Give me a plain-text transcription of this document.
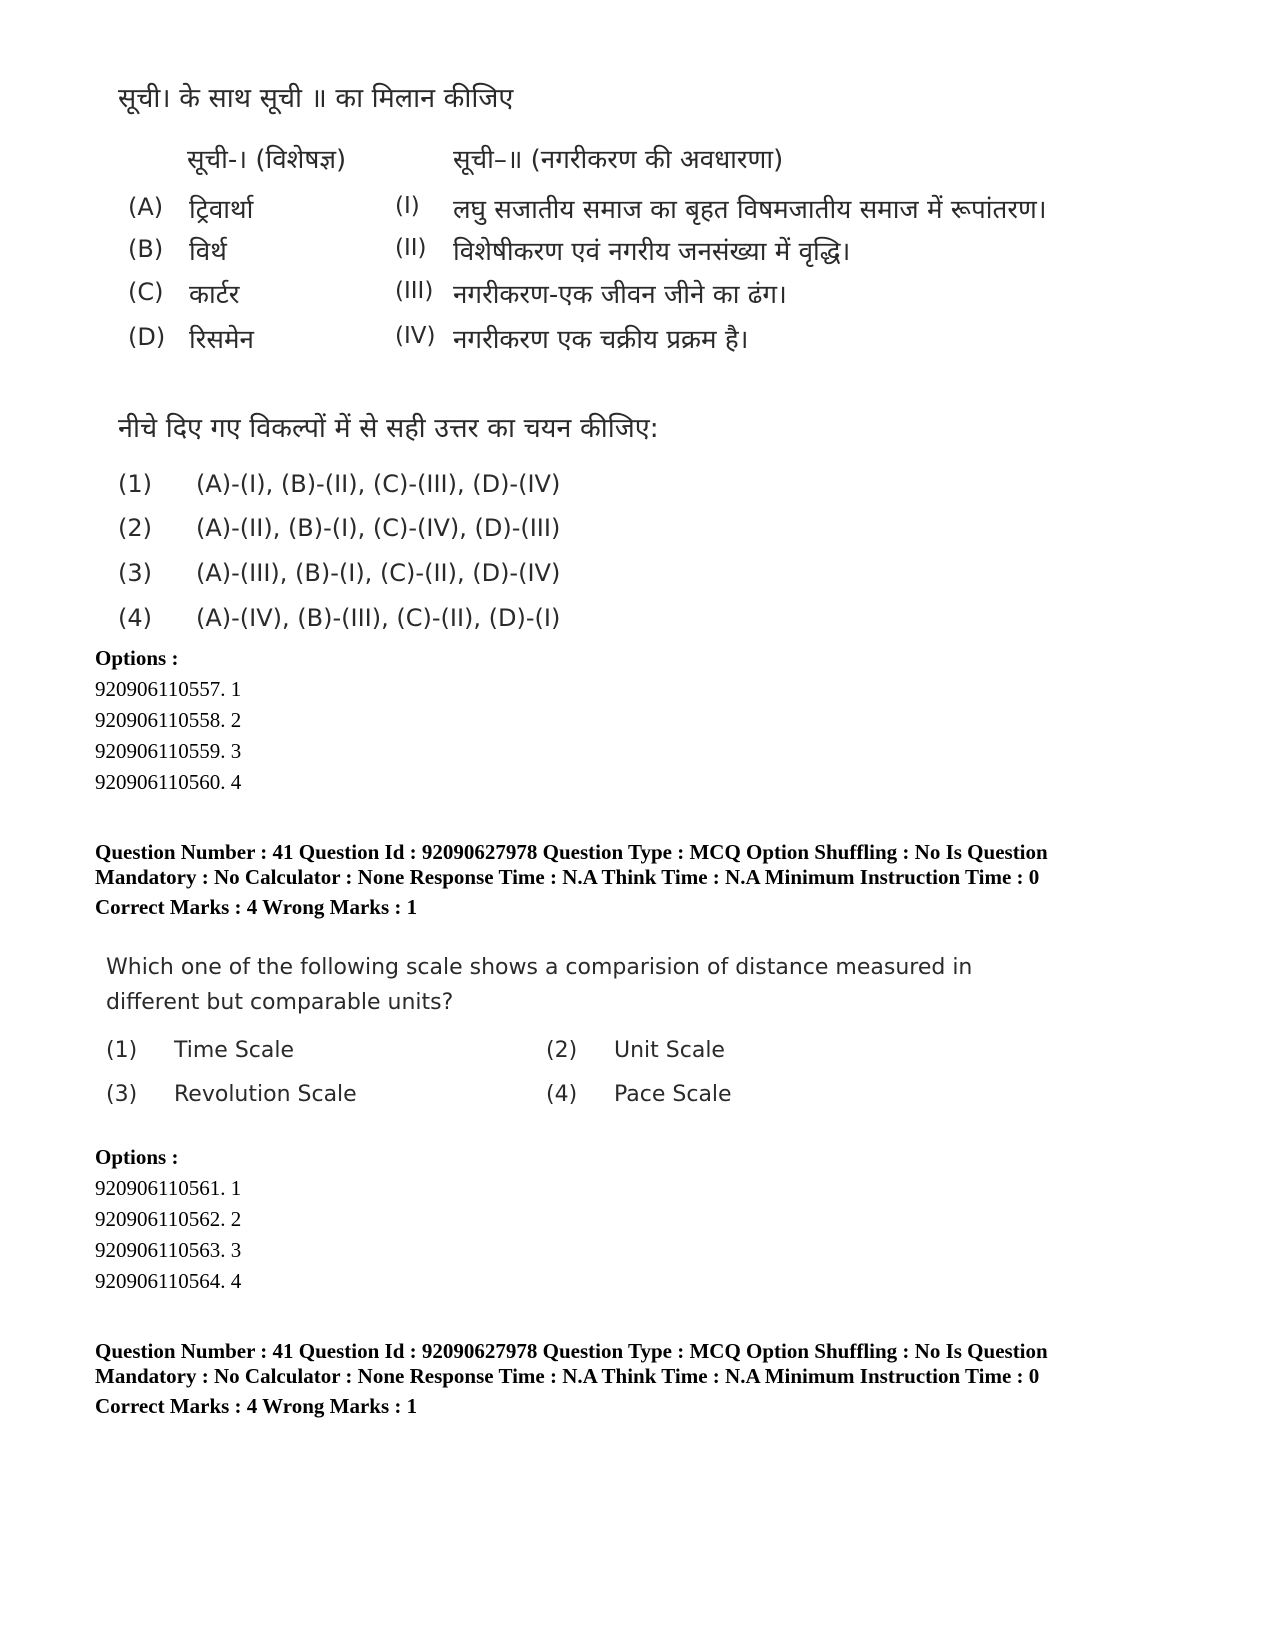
सूची। के साथ सूची ॥ का मिलान कीजिए
सूची-। (विशेषज्ञ)	सूची–॥ (नगरीकरण की अवधारणा)
(A) ट्रिवार्था	(I) लघु सजातीय समाज का बृहत विषमजातीय समाज में रूपांतरण।
(B) विर्थ	(II) विशेषीकरण एवं नगरीय जनसंख्या में वृद्धि।
(C) कार्टर	(III) नगरीकरण-एक जीवन जीने का ढंग।
(D) रिसमेन	(IV) नगरीकरण एक चक्रीय प्रक्रम है।
नीचे दिए गए विकल्पों में से सही उत्तर का चयन कीजिए:
(1) (A)-(I), (B)-(II), (C)-(III), (D)-(IV)
(2) (A)-(II), (B)-(I), (C)-(IV), (D)-(III)
(3) (A)-(III), (B)-(I), (C)-(II), (D)-(IV)
(4) (A)-(IV), (B)-(III), (C)-(II), (D)-(I)
Options :
920906110557. 1
920906110558. 2
920906110559. 3
920906110560. 4
Question Number : 41 Question Id : 92090627978 Question Type : MCQ Option Shuffling : No Is Question
Mandatory : No Calculator : None Response Time : N.A Think Time : N.A Minimum Instruction Time : 0
Correct Marks : 4 Wrong Marks : 1
Which one of the following scale shows a comparision of distance measured in different but comparable units?
(1) Time Scale	(2) Unit Scale
(3) Revolution Scale	(4) Pace Scale
Options :
920906110561. 1
920906110562. 2
920906110563. 3
920906110564. 4
Question Number : 41 Question Id : 92090627978 Question Type : MCQ Option Shuffling : No Is Question
Mandatory : No Calculator : None Response Time : N.A Think Time : N.A Minimum Instruction Time : 0
Correct Marks : 4 Wrong Marks : 1
